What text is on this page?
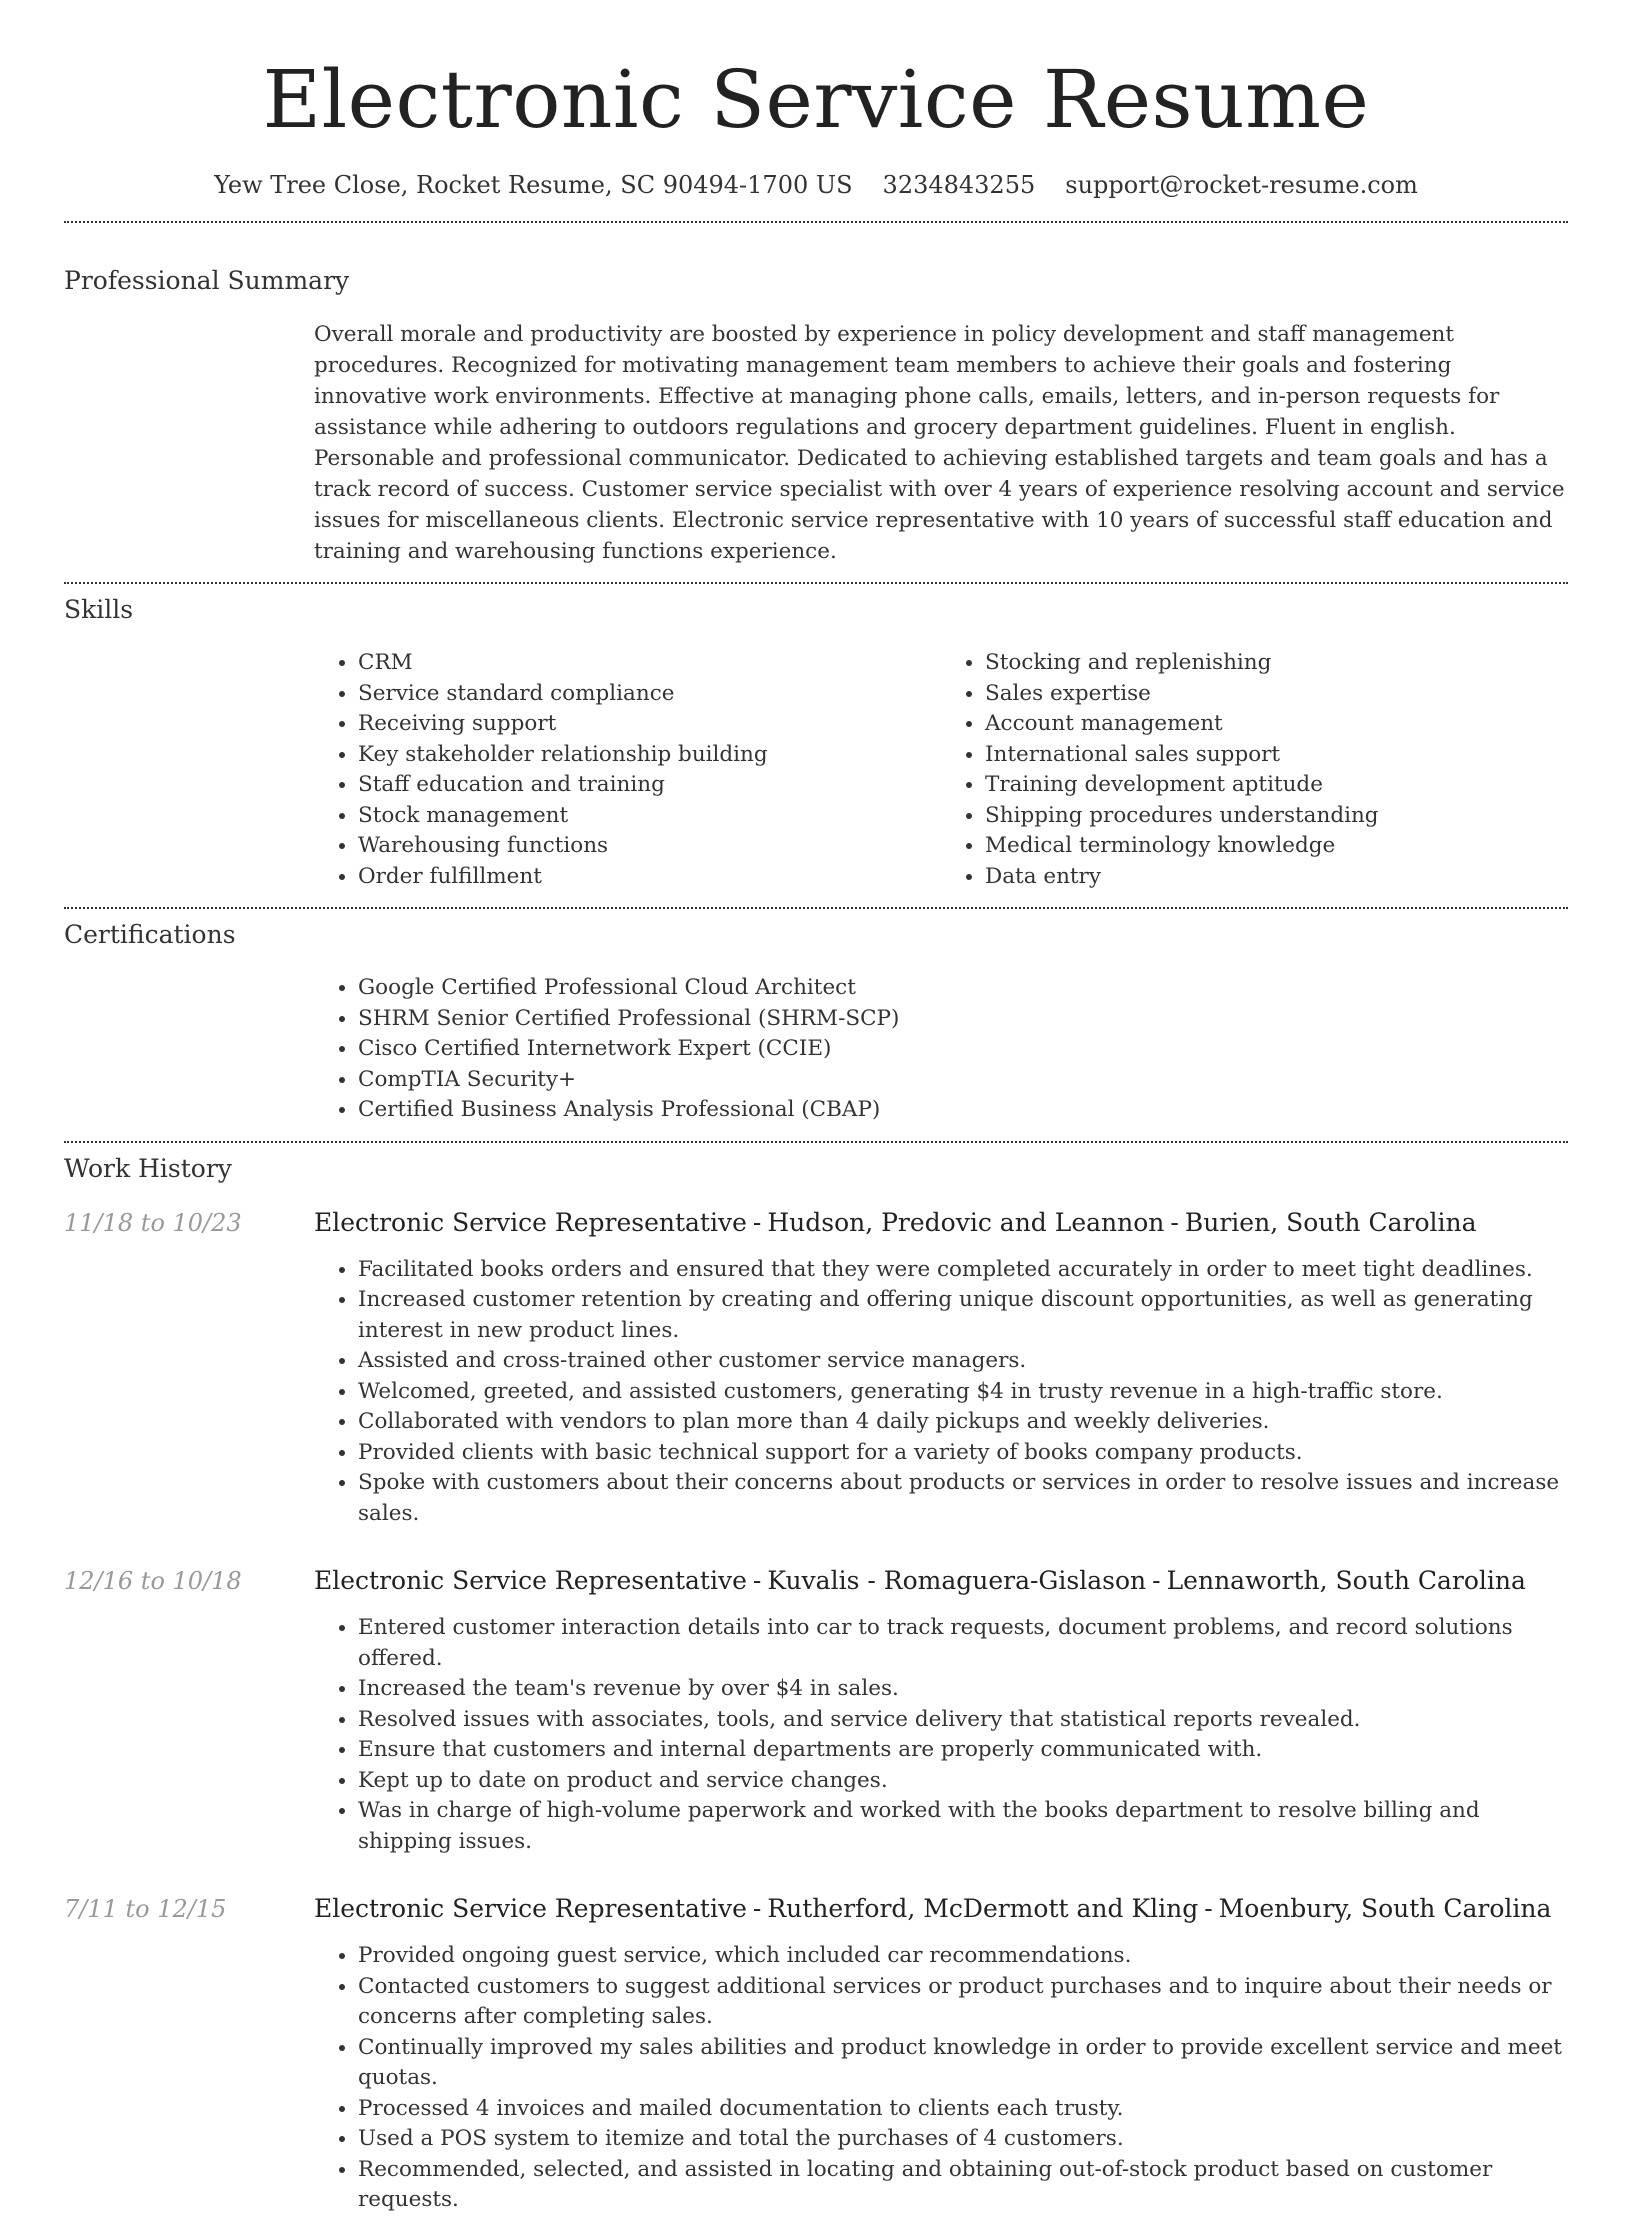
Electronic Service Resume
Yew Tree Close, Rocket Resume, SC 90494-1700 US 3234843255 support@rocket-resume.com
Professional Summary
Overall morale and productivity are boosted by experience in policy development and staff management procedures. Recognized for motivating management team members to achieve their goals and fostering innovative work environments. Effective at managing phone calls, emails, letters, and in-person requests for assistance while adhering to outdoors regulations and grocery department guidelines. Fluent in english. Personable and professional communicator. Dedicated to achieving established targets and team goals and has a track record of success. Customer service specialist with over 4 years of experience resolving account and service issues for miscellaneous clients. Electronic service representative with 10 years of successful staff education and training and warehousing functions experience.
Skills
• CRM
• Service standard compliance
• Receiving support
• Key stakeholder relationship building
• Staff education and training
• Stock management
• Warehousing functions
• Order fulfillment
• Stocking and replenishing
• Sales expertise
• Account management
• International sales support
• Training development aptitude
• Shipping procedures understanding
• Medical terminology knowledge
• Data entry
Certifications
• Google Certified Professional Cloud Architect
• SHRM Senior Certified Professional (SHRM-SCP)
• Cisco Certified Internetwork Expert (CCIE)
• CompTIA Security+
• Certified Business Analysis Professional (CBAP)
Work History
11/18 to 10/23	Electronic Service Representative - Hudson, Predovic and Leannon - Burien, South Carolina
• Facilitated books orders and ensured that they were completed accurately in order to meet tight deadlines.
• Increased customer retention by creating and offering unique discount opportunities, as well as generating interest in new product lines.
• Assisted and cross-trained other customer service managers.
• Welcomed, greeted, and assisted customers, generating $4 in trusty revenue in a high-traffic store.
• Collaborated with vendors to plan more than 4 daily pickups and weekly deliveries.
• Provided clients with basic technical support for a variety of books company products.
• Spoke with customers about their concerns about products or services in order to resolve issues and increase sales.
12/16 to 10/18	Electronic Service Representative - Kuvalis - Romaguera-Gislason - Lennaworth, South Carolina
• Entered customer interaction details into car to track requests, document problems, and record solutions offered.
• Increased the team's revenue by over $4 in sales.
• Resolved issues with associates, tools, and service delivery that statistical reports revealed.
• Ensure that customers and internal departments are properly communicated with.
• Kept up to date on product and service changes.
• Was in charge of high-volume paperwork and worked with the books department to resolve billing and shipping issues.
7/11 to 12/15	Electronic Service Representative - Rutherford, McDermott and Kling - Moenbury, South Carolina
• Provided ongoing guest service, which included car recommendations.
• Contacted customers to suggest additional services or product purchases and to inquire about their needs or concerns after completing sales.
• Continually improved my sales abilities and product knowledge in order to provide excellent service and meet quotas.
• Processed 4 invoices and mailed documentation to clients each trusty.
• Used a POS system to itemize and total the purchases of 4 customers.
• Recommended, selected, and assisted in locating and obtaining out-of-stock product based on customer requests.
